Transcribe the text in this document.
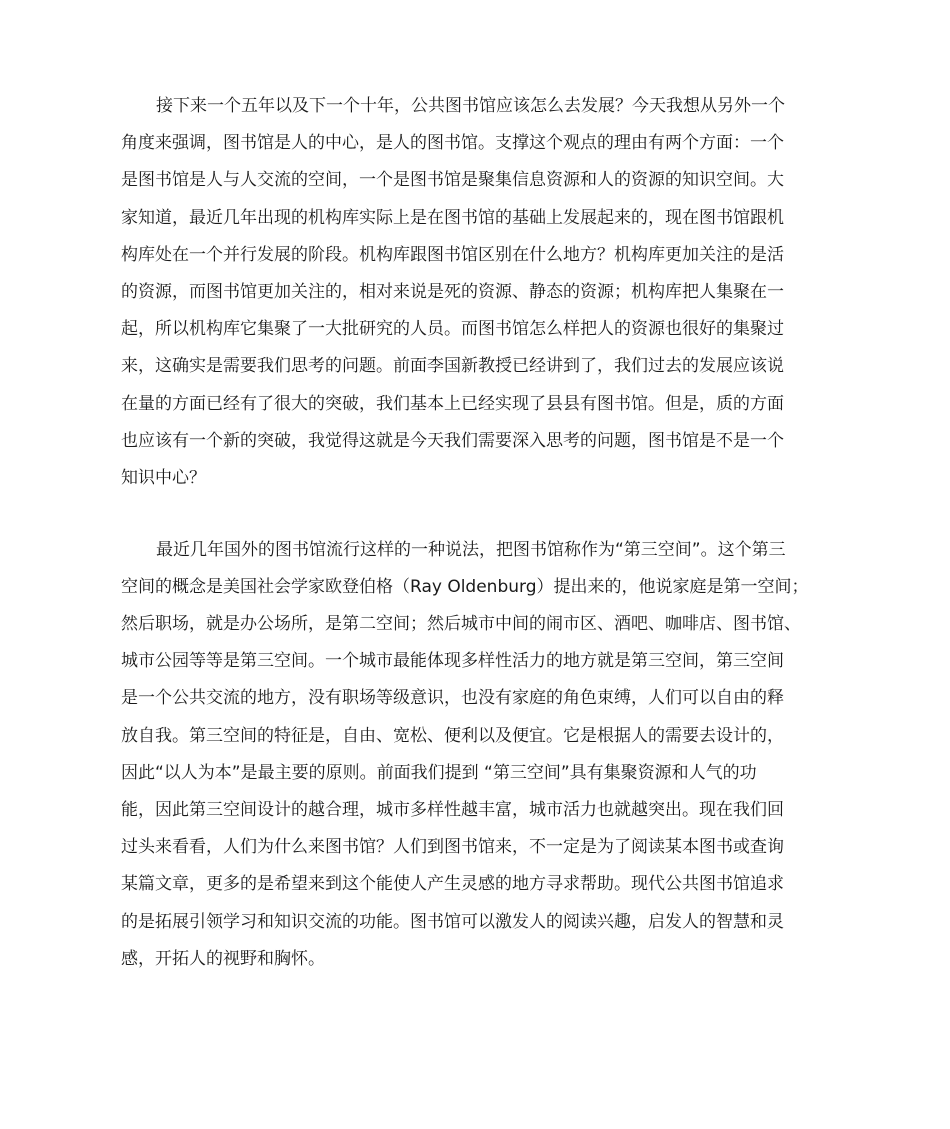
接下来一个五年以及下一个十年，公共图书馆应该怎么去发展？今天我想从另外一个

角度来强调，图书馆是人的中心，是人的图书馆。支撑这个观点的理由有两个方面：一个

是图书馆是人与人交流的空间，一个是图书馆是聚集信息资源和人的资源的知识空间。大

家知道，最近几年出现的机构库实际上是在图书馆的基础上发展起来的，现在图书馆跟机

构库处在一个并行发展的阶段。机构库跟图书馆区别在什么地方？机构库更加关注的是活

的资源，而图书馆更加关注的，相对来说是死的资源、静态的资源；机构库把人集聚在一

起，所以机构库它集聚了一大批研究的人员。而图书馆怎么样把人的资源也很好的集聚过

来，这确实是需要我们思考的问题。前面李国新教授已经讲到了，我们过去的发展应该说

在量的方面已经有了很大的突破，我们基本上已经实现了县县有图书馆。但是，质的方面

也应该有一个新的突破，我觉得这就是今天我们需要深入思考的问题，图书馆是不是一个

知识中心？

最近几年国外的图书馆流行这样的一种说法，把图书馆称作为“第三空间”。这个第三

空间的概念是美国社会学家欧登伯格（Ray Oldenburg）提出来的，他说家庭是第一空间；

然后职场，就是办公场所，是第二空间；然后城市中间的闹市区、酒吧、咖啡店、图书馆、

城市公园等等是第三空间。一个城市最能体现多样性活力的地方就是第三空间，第三空间

是一个公共交流的地方，没有职场等级意识，也没有家庭的角色束缚，人们可以自由的释

放自我。第三空间的特征是，自由、宽松、便利以及便宜。它是根据人的需要去设计的，

因此“以人为本”是最主要的原则。前面我们提到 “第三空间”具有集聚资源和人气的功

能，因此第三空间设计的越合理，城市多样性越丰富，城市活力也就越突出。现在我们回

过头来看看，人们为什么来图书馆？人们到图书馆来，不一定是为了阅读某本图书或查询

某篇文章，更多的是希望来到这个能使人产生灵感的地方寻求帮助。现代公共图书馆追求

的是拓展引领学习和知识交流的功能。图书馆可以激发人的阅读兴趣，启发人的智慧和灵

感，开拓人的视野和胸怀。
